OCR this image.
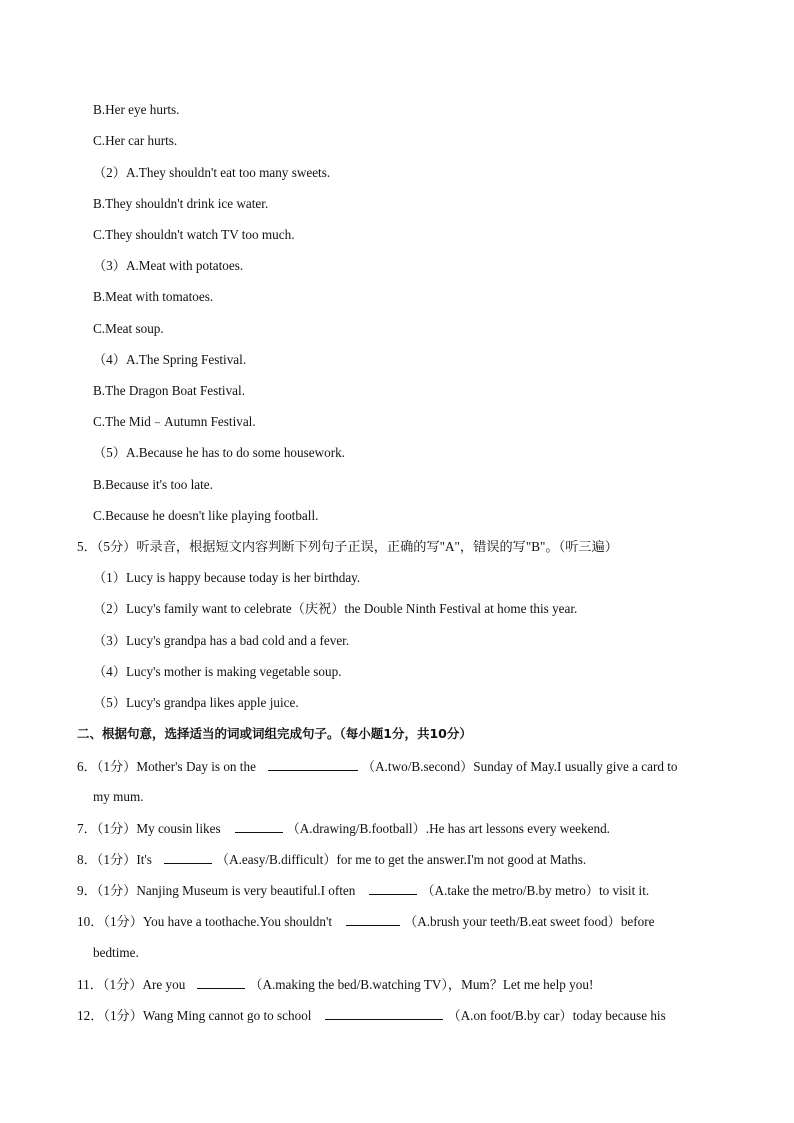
B.Her eye hurts.
C.Her car hurts.
（2）A.They shouldn't eat too many sweets.
B.They shouldn't drink ice water.
C.They shouldn't watch TV too much.
（3）A.Meat with potatoes.
B.Meat with tomatoes.
C.Meat soup.
（4）A.The Spring Festival.
B.The Dragon Boat Festival.
C.The Mid﹣Autumn Festival.
（5）A.Because he has to do some housework.
B.Because it's too late.
C.Because he doesn't like playing football.
5．（5分）听录音，根据短文内容判断下列句子正误，正确的写"A"，错误的写"B"。（听三遍）
（1）Lucy is happy because today is her birthday.
（2）Lucy's family want to celebrate（庆祝）the Double Ninth Festival at home this year.
（3）Lucy's grandpa has a bad cold and a fever.
（4）Lucy's mother is making vegetable soup.
（5）Lucy's grandpa likes apple juice.
二、根据句意，选择适当的词或词组完成句子。（每小题1分，共10分）
6．（1分）Mother's Day is on the	（A.two/B.second）Sunday of May.I usually give a card to
my mum.
7．（1分）My cousin likes	（A.drawing/B.football）.He has art lessons every weekend.
8．（1分）It's	（A.easy/B.difficult）for me to get the answer.I'm not good at Maths.
9．（1分）Nanjing Museum is very beautiful.I often	（A.take the metro/B.by metro）to visit it.
10．（1分）You have a toothache.You shouldn't	（A.brush your teeth/B.eat sweet food）before
bedtime.
11．（1分）Are you	（A.making the bed/B.watching TV），Mum？Let me help you!
12．（1分）Wang Ming cannot go to school	（A.on foot/B.by car）today because his
